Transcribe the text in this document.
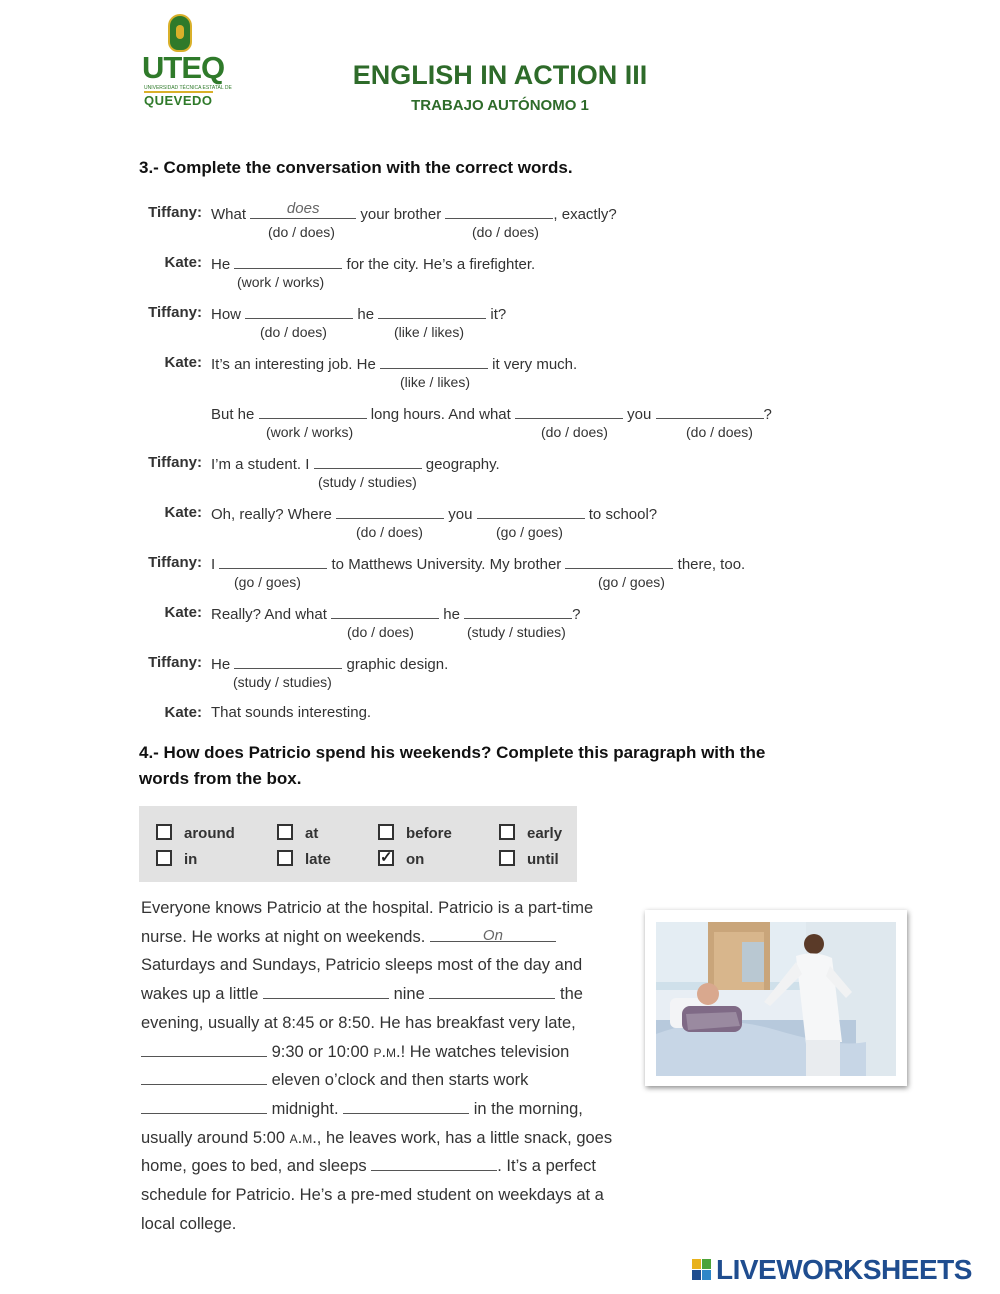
UTEQ
UNIVERSIDAD TÉCNICA ESTATAL DE
QUEVEDO
ENGLISH IN ACTION III
TRABAJO AUTÓNOMO 1
3.- Complete the conversation with the correct words.
Tiffany: What	does	your brother	, exactly?
(do / does)	(do / does)
Kate: He	for the city. He’s a firefighter.
(work / works)
Tiffany: How	he	it?
(do / does)	(like / likes)
Kate: It’s an interesting job. He	it very much.
(like / likes)
But he	long hours. And what	you	?
(work / works)	(do / does)	(do / does)
Tiffany: I’m a student. I	geography.
(study / studies)
Kate: Oh, really? Where	you	to school?
(do / does)	(go / goes)
Tiffany: I	to Matthews University. My brother	there, too.
(go / goes)	(go / goes)
Kate: Really? And what	he	?
(do / does)	(study / studies)
Tiffany: He	graphic design.
(study / studies)
Kate: That sounds interesting.
4.- How does Patricio spend his weekends? Complete this paragraph with the
words from the box.
around	at	before	early
in	late	✓ on	until
Everyone knows Patricio at the hospital. Patricio is a part-time nurse. He works at night on weekends.	On
Saturdays and Sundays, Patricio sleeps most of the day and wakes up a little	nine	the evening, usually at 8:45 or 8:50. He has breakfast very late,  9:30 or 10:00 p.m.! He watches television  eleven o’clock and then starts work  midnight.	in the morning, usually around 5:00 a.m., he leaves work, has a little snack, goes home, goes to bed, and sleeps	. It’s a perfect schedule for Patricio. He’s a pre-med student on weekdays at a local college.
LIVEWORKSHEETS
